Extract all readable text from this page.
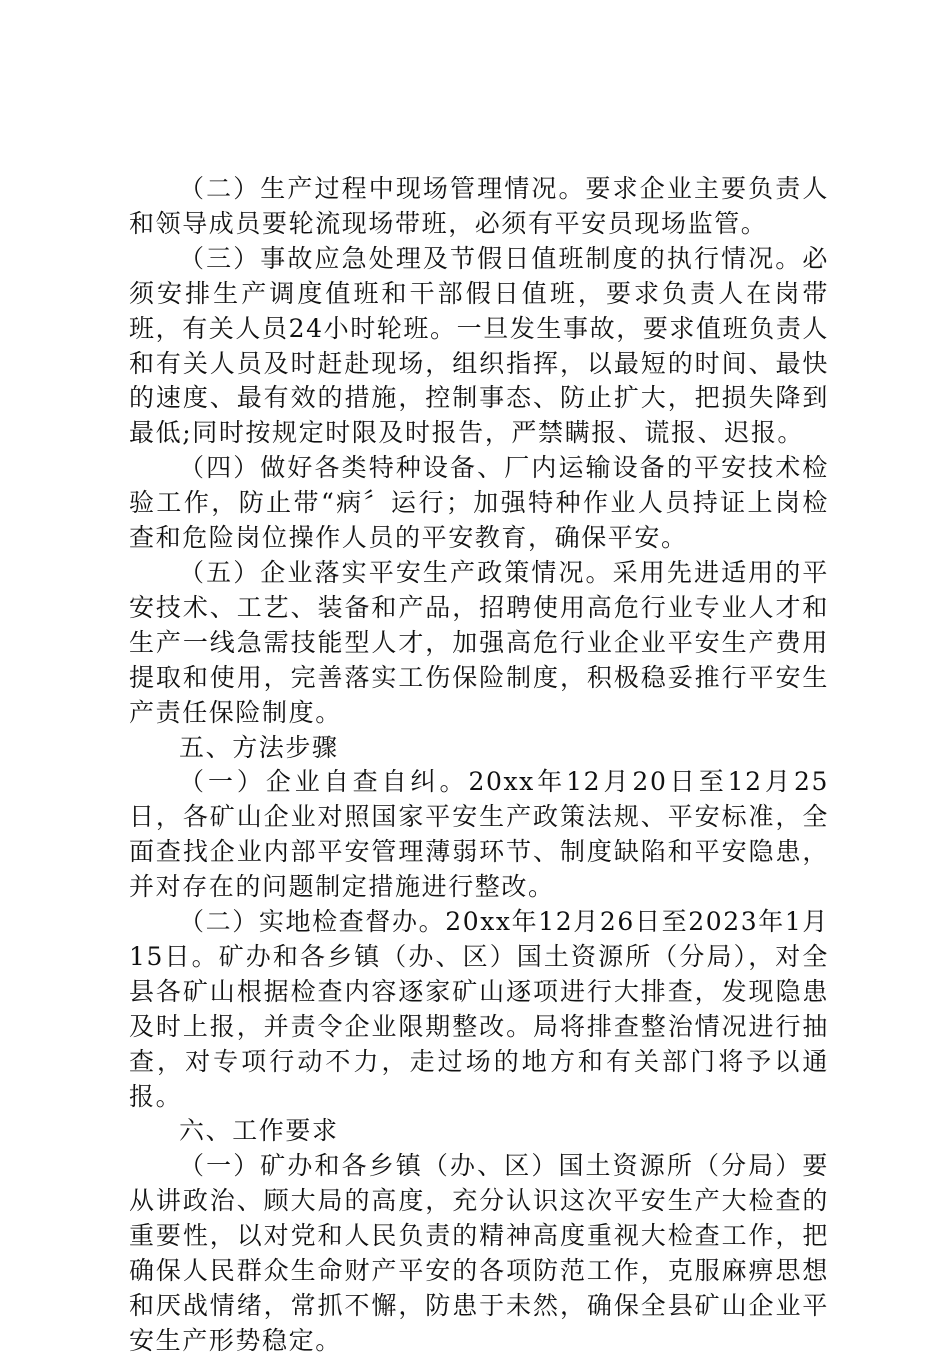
（二）生产过程中现场管理情况。要求企业主要负责人和领导成员要轮流现场带班，必须有平安员现场监管。

（三）事故应急处理及节假日值班制度的执行情况。必须安排生产调度值班和干部假日值班，要求负责人在岗带班，有关人员24小时轮班。一旦发生事故，要求值班负责人和有关人员及时赶赴现场，组织指挥，以最短的时间、最快的速度、最有效的措施，控制事态、防止扩大，把损失降到最低;同时按规定时限及时报告，严禁瞒报、谎报、迟报。

（四）做好各类特种设备、厂内运输设备的平安技术检验工作，防止带“病〞运行；加强特种作业人员持证上岗检查和危险岗位操作人员的平安教育，确保平安。

（五）企业落实平安生产政策情况。采用先进适用的平安技术、工艺、装备和产品，招聘使用高危行业专业人才和生产一线急需技能型人才，加强高危行业企业平安生产费用提取和使用，完善落实工伤保险制度，积极稳妥推行平安生产责任保险制度。

五、方法步骤

（一）企业自查自纠。20xx年12月20日至12月25日，各矿山企业对照国家平安生产政策法规、平安标准，全面查找企业内部平安管理薄弱环节、制度缺陷和平安隐患，并对存在的问题制定措施进行整改。

（二）实地检查督办。20xx年12月26日至2023年1月15日。矿办和各乡镇（办、区）国土资源所（分局），对全县各矿山根据检查内容逐家矿山逐项进行大排查，发现隐患及时上报，并责令企业限期整改。局将排查整治情况进行抽查，对专项行动不力，走过场的地方和有关部门将予以通报。

六、工作要求

（一）矿办和各乡镇（办、区）国土资源所（分局）要从讲政治、顾大局的高度，充分认识这次平安生产大检查的重要性，以对党和人民负责的精神高度重视大检查工作，把确保人民群众生命财产平安的各项防范工作，克服麻痹思想和厌战情绪，常抓不懈，防患于未然，确保全县矿山企业平安生产形势稳定。
